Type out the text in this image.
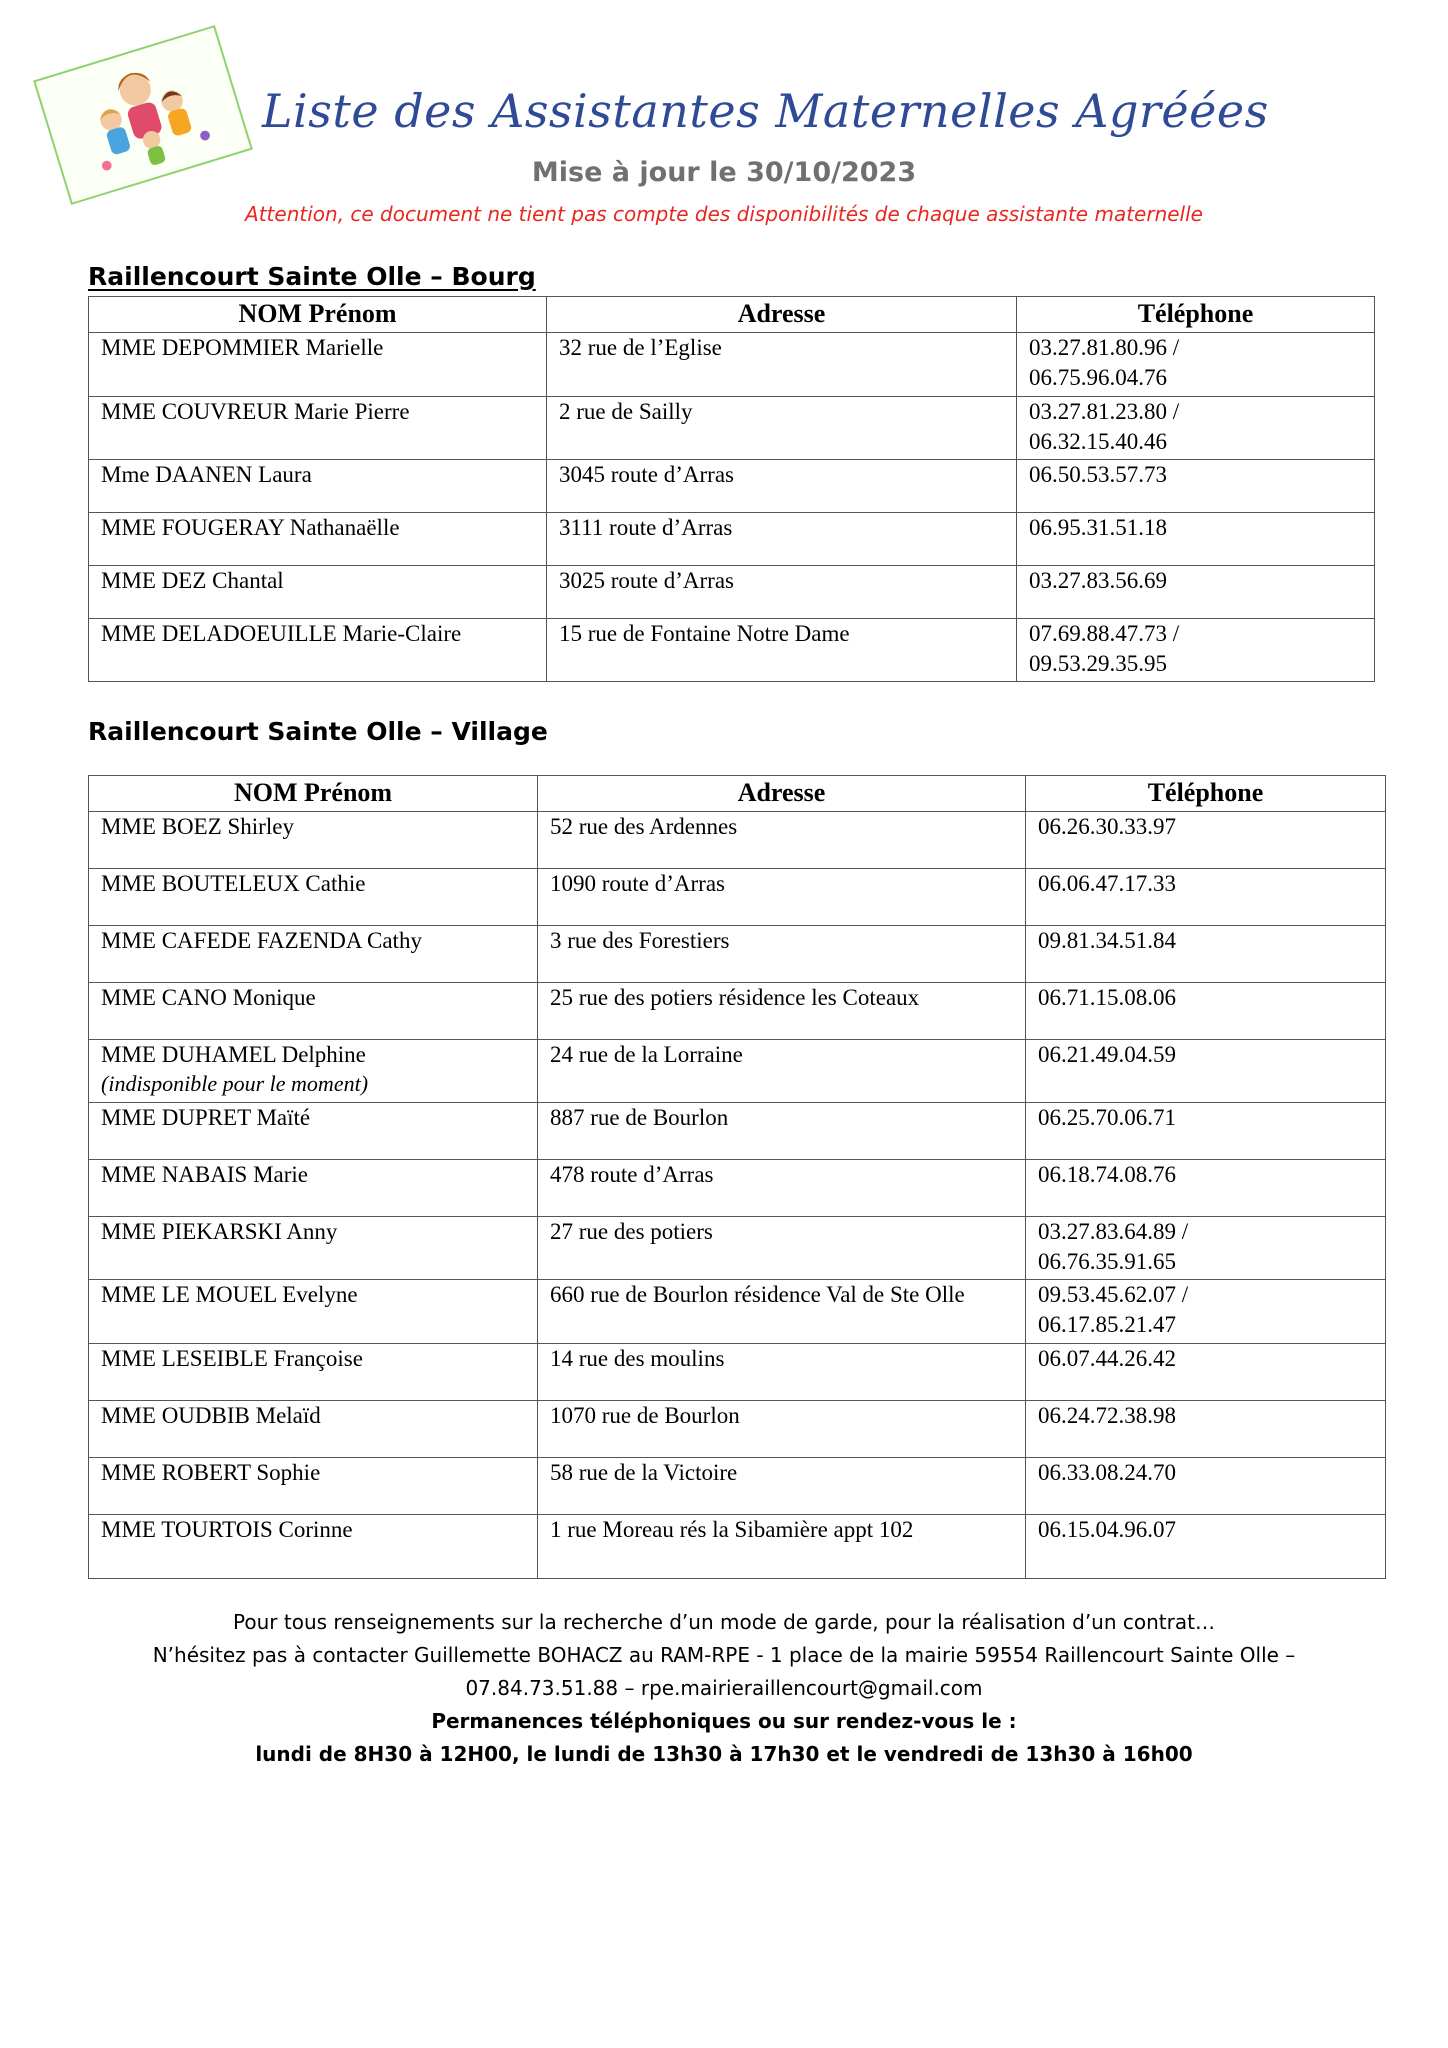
Liste des Assistantes Maternelles Agréées
Mise à jour le 30/10/2023
Attention, ce document ne tient pas compte des disponibilités de chaque assistante maternelle
Raillencourt Sainte Olle – Bourg
NOM Prénom	Adresse	Téléphone
MME DEPOMMIER Marielle	32 rue de l’Eglise	03.27.81.80.96 /
06.75.96.04.76

MME COUVREUR Marie Pierre	2 rue de Sailly	03.27.81.23.80 /
06.32.15.40.46

Mme DAANEN Laura	3045 route d’Arras	06.50.53.57.73

MME FOUGERAY Nathanaëlle	3111 route d’Arras	06.95.31.51.18

MME DEZ Chantal	3025 route d’Arras	03.27.83.56.69

MME DELADOEUILLE Marie-Claire	15 rue de Fontaine Notre Dame	07.69.88.47.73 /
09.53.29.35.95
Raillencourt Sainte Olle – Village
NOM Prénom	Adresse	Téléphone
MME BOEZ Shirley	52 rue des Ardennes	06.26.30.33.97

MME BOUTELEUX Cathie	1090 route d’Arras	06.06.47.17.33

MME CAFEDE FAZENDA Cathy	3 rue des Forestiers	09.81.34.51.84

MME CANO Monique	25 rue des potiers résidence les Coteaux	06.71.15.08.06

MME DUHAMEL Delphine
(indisponible pour le moment)	24 rue de la Lorraine	06.21.49.04.59

MME DUPRET Maïté	887 rue de Bourlon	06.25.70.06.71

MME NABAIS Marie	478 route d’Arras	06.18.74.08.76

MME PIEKARSKI Anny	27 rue des potiers	03.27.83.64.89 /
06.76.35.91.65

MME LE MOUEL Evelyne	660 rue de Bourlon résidence Val de Ste Olle	09.53.45.62.07 /
06.17.85.21.47

MME LESEIBLE Françoise	14 rue des moulins	06.07.44.26.42

MME OUDBIB Melaïd	1070 rue de Bourlon	06.24.72.38.98

MME ROBERT Sophie	58 rue de la Victoire	06.33.08.24.70

MME TOURTOIS Corinne	1 rue Moreau rés la Sibamière appt 102	06.15.04.96.07
Pour tous renseignements sur la recherche d’un mode de garde, pour la réalisation d’un contrat…
N’hésitez pas à contacter Guillemette BOHACZ au RAM-RPE - 1 place de la mairie 59554 Raillencourt Sainte Olle –
07.84.73.51.88 – rpe.mairieraillencourt@gmail.com
Permanences téléphoniques ou sur rendez-vous le :
lundi de 8H30 à 12H00, le lundi de 13h30 à 17h30 et le vendredi de 13h30 à 16h00
